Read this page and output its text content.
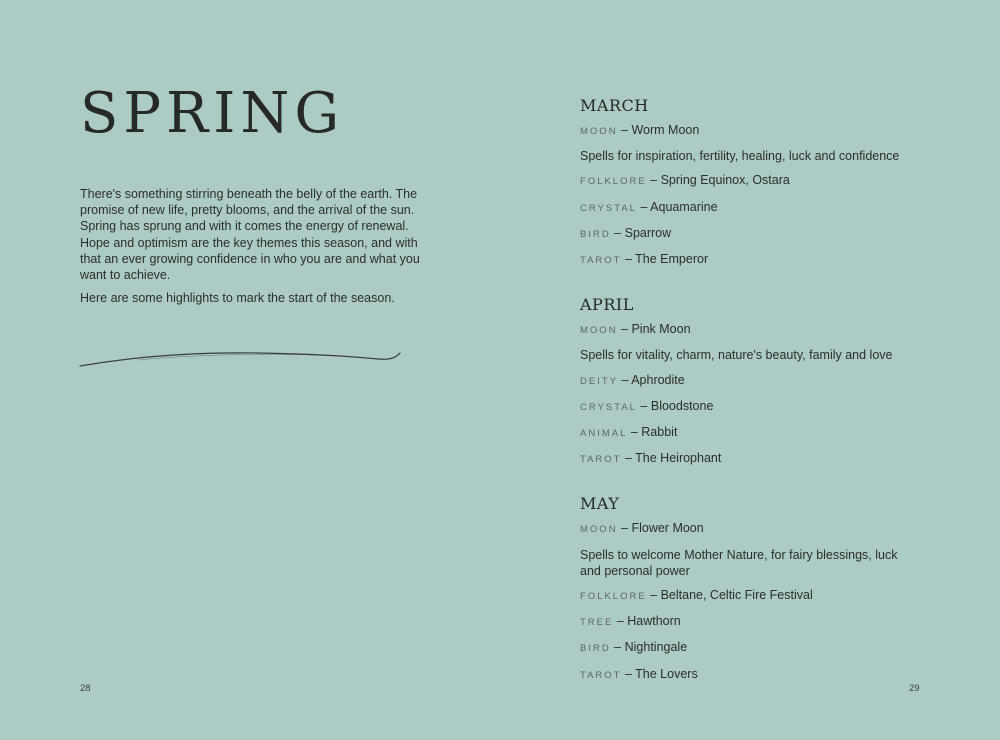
SPRING

There's something stirring beneath the belly of the earth. The promise of new life, pretty blooms, and the arrival of the sun. Spring has sprung and with it comes the energy of renewal. Hope and optimism are the key themes this season, and with that an ever growing confidence in who you are and what you want to achieve.

Here are some highlights to mark the start of the season.

MARCH
MOON – Worm Moon
Spells for inspiration, fertility, healing, luck and confidence
FOLKLORE – Spring Equinox, Ostara
CRYSTAL – Aquamarine
BIRD – Sparrow
TAROT – The Emperor
APRIL
MOON – Pink Moon
Spells for vitality, charm, nature's beauty, family and love
DEITY – Aphrodite
CRYSTAL – Bloodstone
ANIMAL – Rabbit
TAROT – The Heirophant
MAY
MOON – Flower Moon
Spells to welcome Mother Nature, for fairy blessings, luck and personal power
FOLKLORE – Beltane, Celtic Fire Festival
TREE – Hawthorn
BIRD – Nightingale
TAROT – The Lovers
28	29
